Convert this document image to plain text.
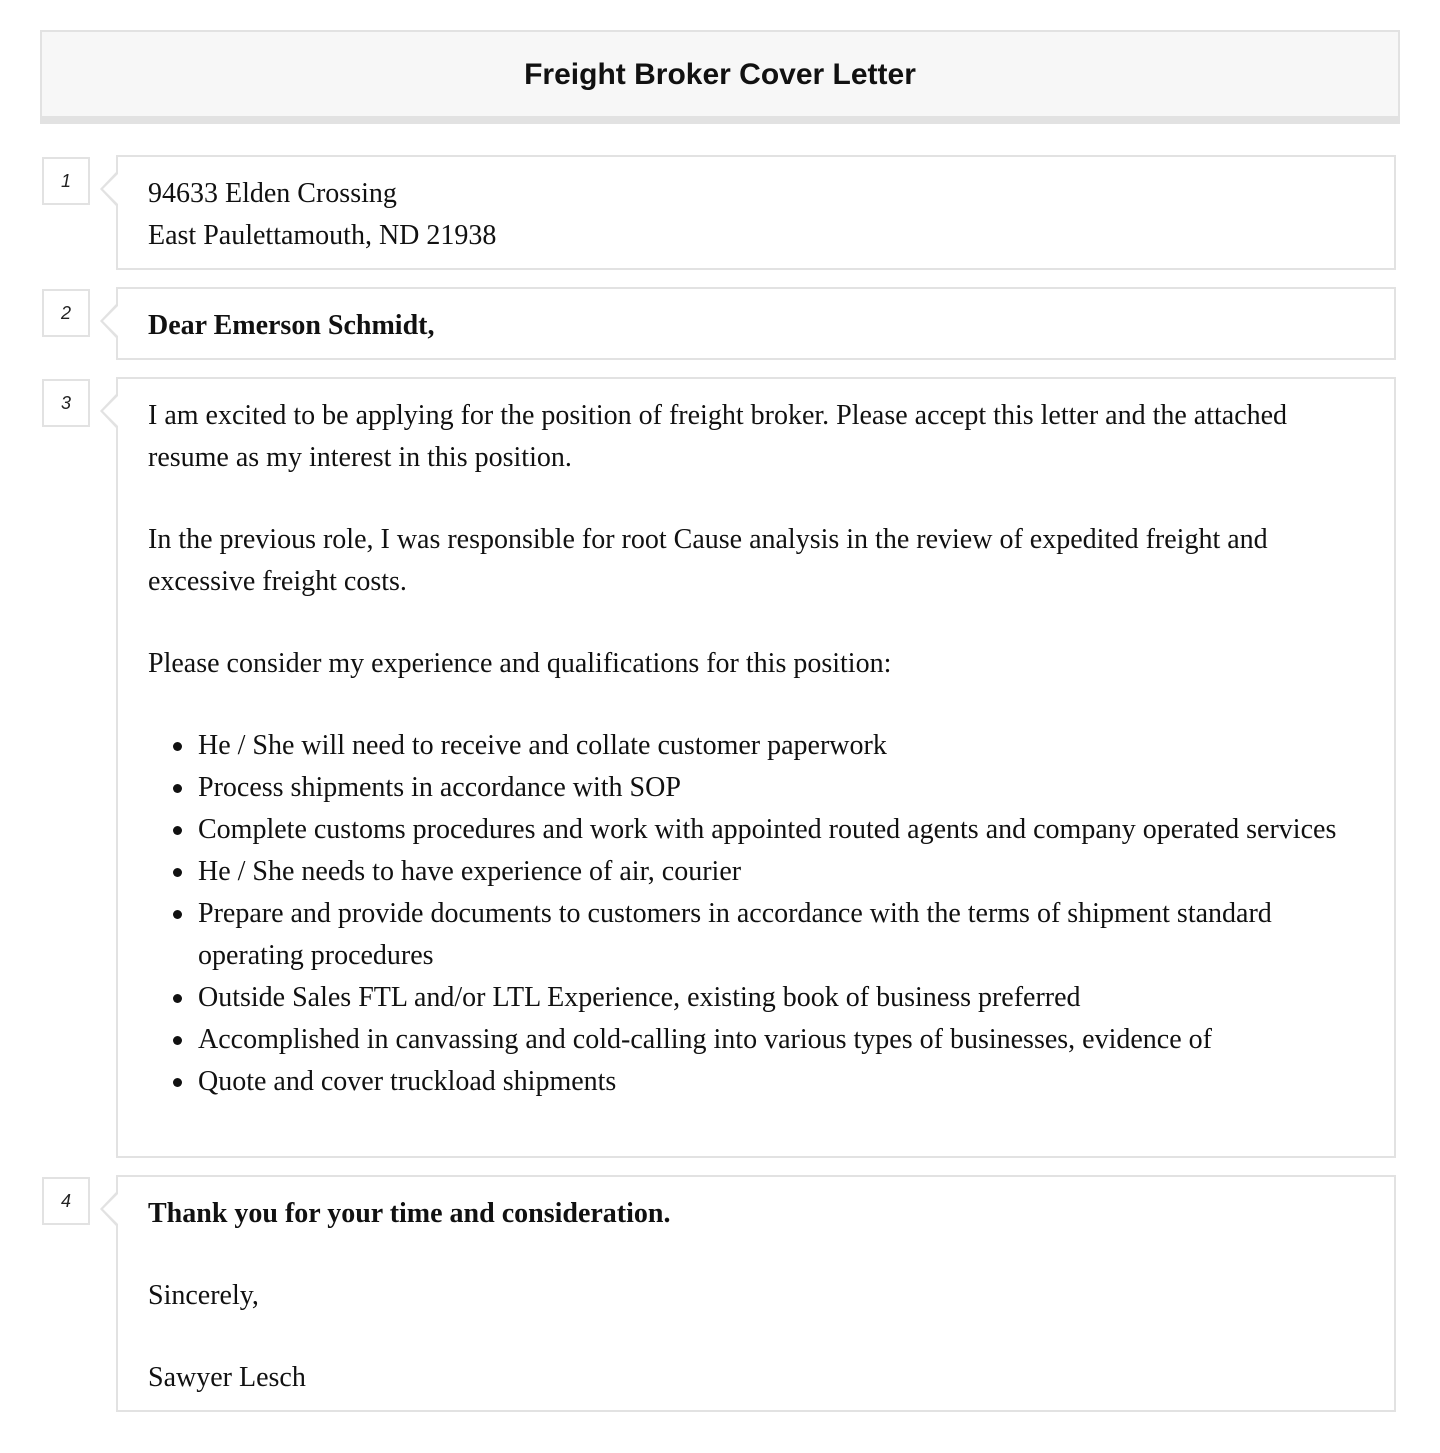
Freight Broker Cover Letter
1	94633 Elden Crossing
East Paulettamouth, ND 21938
2	Dear Emerson Schmidt,
3	I am excited to be applying for the position of freight broker. Please accept this letter and the attached resume as my interest in this position.

In the previous role, I was responsible for root Cause analysis in the review of expedited freight and excessive freight costs.

Please consider my experience and qualifications for this position:

He / She will need to receive and collate customer paperwork
Process shipments in accordance with SOP
Complete customs procedures and work with appointed routed agents and company operated services
He / She needs to have experience of air, courier
Prepare and provide documents to customers in accordance with the terms of shipment standard operating procedures
Outside Sales FTL and/or LTL Experience, existing book of business preferred
Accomplished in canvassing and cold-calling into various types of businesses, evidence of
Quote and cover truckload shipments
4	Thank you for your time and consideration.
Sincerely,
Sawyer Lesch
